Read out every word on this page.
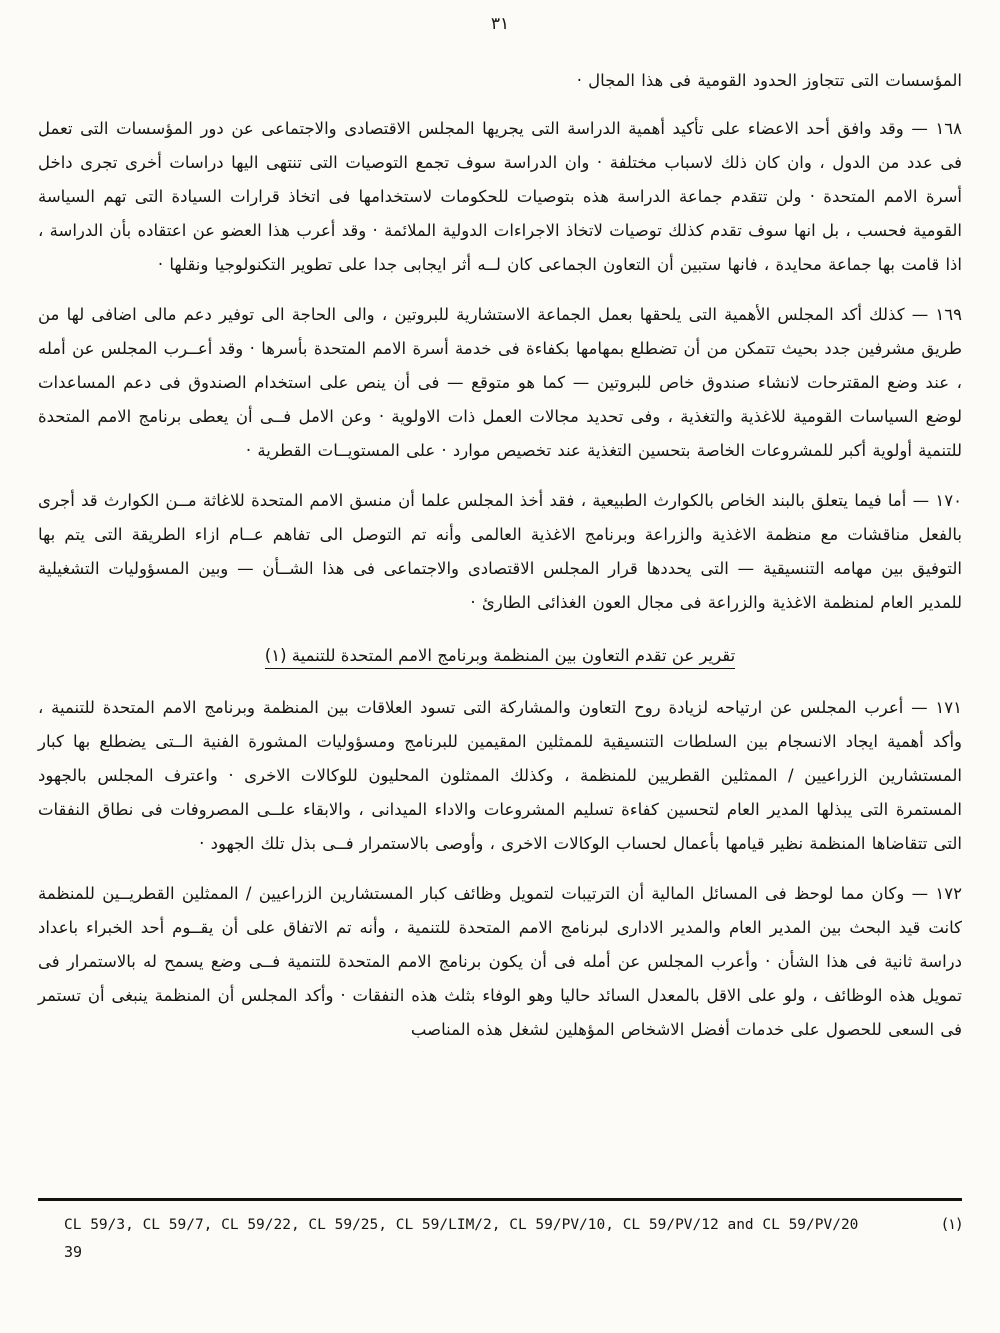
٣١

المؤسسات التى تتجاوز الحدود القومية فى هذا المجال ·

١٦٨ — وقد وافق أحد الاعضاء على تأكيد أهمية الدراسة التى يجريها المجلس الاقتصادى والاجتماعى عن دور المؤسسات التى تعمل فى عدد من الدول ، وان كان ذلك لاسباب مختلفة · وان الدراسة سوف تجمع التوصيات التى تنتهى اليها دراسات أخرى تجرى داخل أسرة الامم المتحدة · ولن تتقدم جماعة الدراسة هذه بتوصيات للحكومات لاستخدامها فى اتخاذ قرارات السيادة التى تهم السياسة القومية فحسب ، بل انها سوف تقدم كذلك توصيات لاتخاذ الاجراءات الدولية الملائمة · وقد أعرب هذا العضو عن اعتقاده بأن الدراسة ، اذا قامت بها جماعة محايدة ، فانها ستبين أن التعاون الجماعى كان لــه أثر ايجابى جدا على تطوير التكنولوجيا ونقلها ·

١٦٩ — كذلك أكد المجلس الأهمية التى يلحقها بعمل الجماعة الاستشارية للبروتين ، والى الحاجة الى توفير دعم مالى اضافى لها من طريق مشرفين جدد بحيث تتمكن من أن تضطلع بمهامها بكفاءة فى خدمة أسرة الامم المتحدة بأسرها · وقد أعــرب المجلس عن أمله ، عند وضع المقترحات لانشاء صندوق خاص للبروتين — كما هو متوقع — فى أن ينص على استخدام الصندوق فى دعم المساعدات لوضع السياسات القومية للاغذية والتغذية ، وفى تحديد مجالات العمل ذات الاولوية · وعن الامل فــى أن يعطى برنامج الامم المتحدة للتنمية أولوية أكبر للمشروعات الخاصة بتحسين التغذية عند تخصيص موارد · على المستويــات القطرية ·

١٧٠ — أما فيما يتعلق بالبند الخاص بالكوارث الطبيعية ، فقد أخذ المجلس علما أن منسق الامم المتحدة للاغاثة مــن الكوارث قد أجرى بالفعل مناقشات مع منظمة الاغذية والزراعة وبرنامج الاغذية العالمى وأنه تم التوصل الى تفاهم عــام ازاء الطريقة التى يتم بها التوفيق بين مهامه التنسيقية — التى يحددها قرار المجلس الاقتصادى والاجتماعى فى هذا الشــأن — وبين المسؤوليات التشغيلية للمدير العام لمنظمة الاغذية والزراعة فى مجال العون الغذائى الطارئ ·

تقرير عن تقدم التعاون بين المنظمة وبرنامج الامم المتحدة للتنمية (١)

١٧١ — أعرب المجلس عن ارتياحه لزيادة روح التعاون والمشاركة التى تسود العلاقات بين المنظمة وبرنامج الامم المتحدة للتنمية ، وأكد أهمية ايجاد الانسجام بين السلطات التنسيقية للممثلين المقيمين للبرنامج ومسؤوليات المشورة الفنية الــتى يضطلع بها كبار المستشارين الزراعيين / الممثلين القطريين للمنظمة ، وكذلك الممثلون المحليون للوكالات الاخرى · واعترف المجلس بالجهود المستمرة التى يبذلها المدير العام لتحسين كفاءة تسليم المشروعات والاداء الميدانى ، والابقاء علــى المصروفات فى نطاق النفقات التى تتقاضاها المنظمة نظير قيامها بأعمال لحساب الوكالات الاخرى ، وأوصى بالاستمرار فــى بذل تلك الجهود ·

١٧٢ — وكان مما لوحظ فى المسائل المالية أن الترتيبات لتمويل وظائف كبار المستشارين الزراعيين / الممثلين القطريــين للمنظمة كانت قيد البحث بين المدير العام والمدير الادارى لبرنامج الامم المتحدة للتنمية ، وأنه تم الاتفاق على أن يقــوم أحد الخبراء باعداد دراسة ثانية فى هذا الشأن · وأعرب المجلس عن أمله فى أن يكون برنامج الامم المتحدة للتنمية فــى وضع يسمح له بالاستمرار فى تمويل هذه الوظائف ، ولو على الاقل بالمعدل السائد حاليا وهو الوفاء بثلث هذه النفقات · وأكد المجلس أن المنظمة ينبغى أن تستمر فى السعى للحصول على خدمات أفضل الاشخاص المؤهلين لشغل هذه المناصب

CL 59/3, CL 59/7, CL 59/22, CL 59/25, CL 59/LIM/2, CL 59/PV/10, CL 59/PV/12 and CL 59/PV/20	(١)
39
